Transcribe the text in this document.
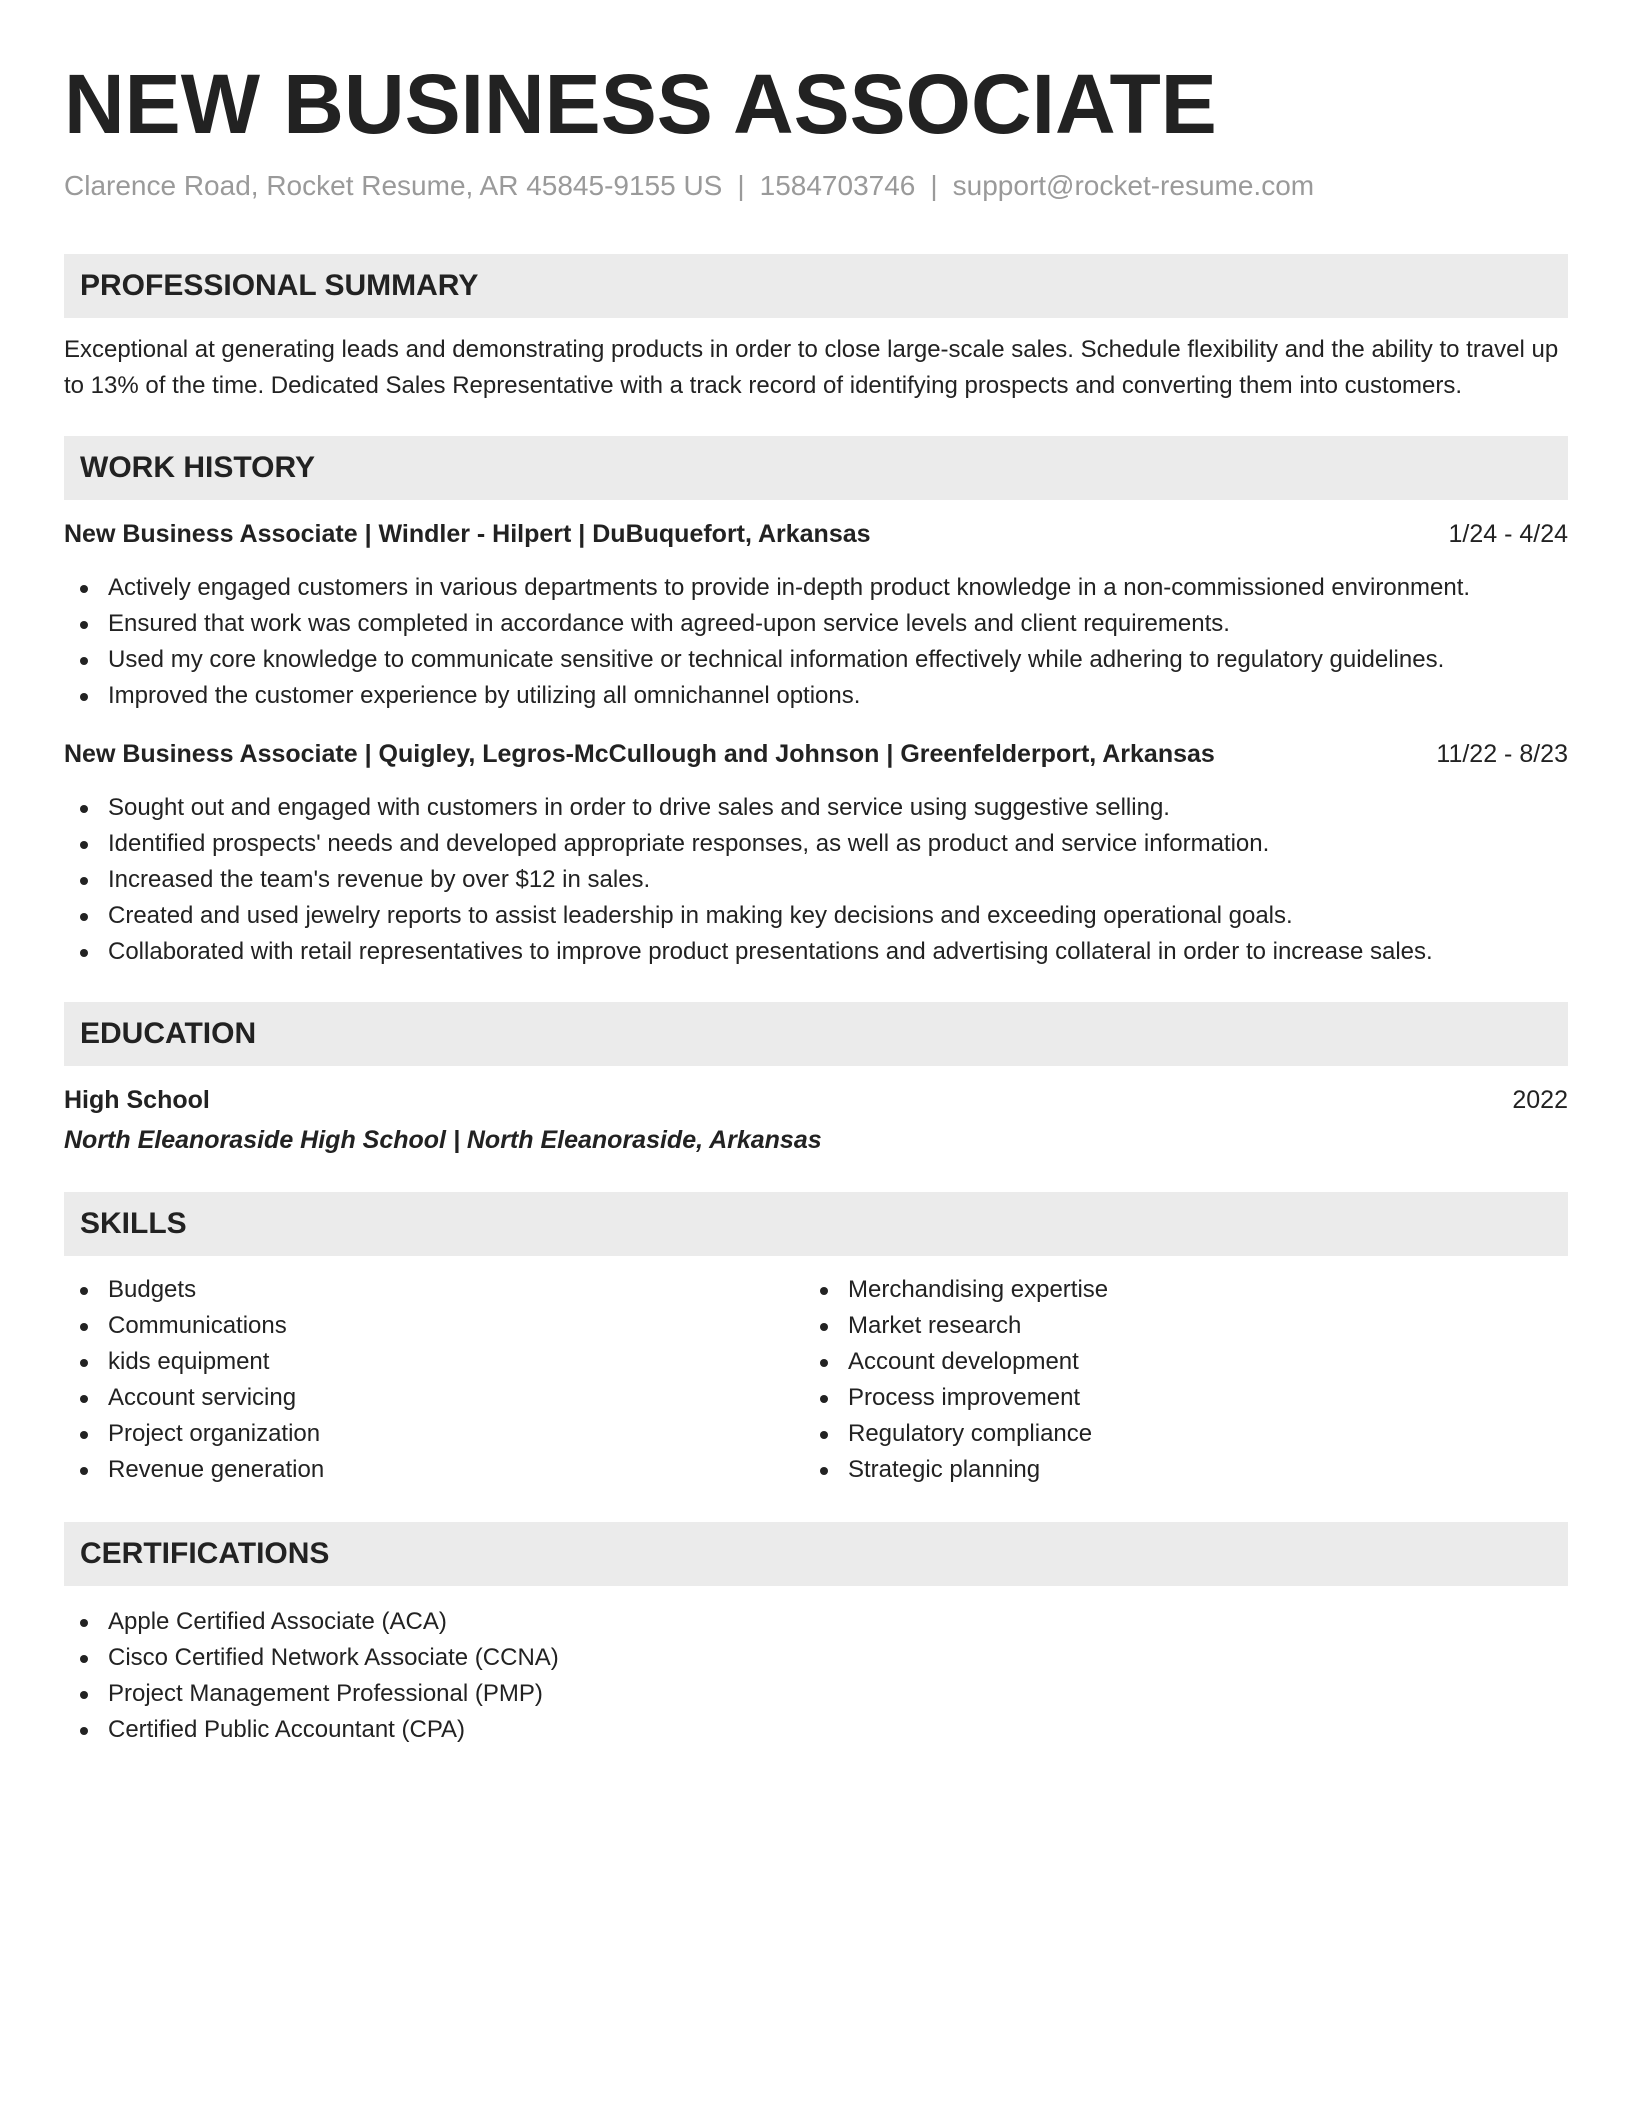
NEW BUSINESS ASSOCIATE
Clarence Road, Rocket Resume, AR 45845-9155 US | 1584703746 | support@rocket-resume.com
PROFESSIONAL SUMMARY
Exceptional at generating leads and demonstrating products in order to close large-scale sales. Schedule flexibility and the ability to travel up to 13% of the time. Dedicated Sales Representative with a track record of identifying prospects and converting them into customers.
WORK HISTORY
New Business Associate | Windler - Hilpert | DuBuquefort, Arkansas	1/24 - 4/24
Actively engaged customers in various departments to provide in-depth product knowledge in a non-commissioned environment.
Ensured that work was completed in accordance with agreed-upon service levels and client requirements.
Used my core knowledge to communicate sensitive or technical information effectively while adhering to regulatory guidelines.
Improved the customer experience by utilizing all omnichannel options.
New Business Associate | Quigley, Legros-McCullough and Johnson | Greenfelderport, Arkansas	11/22 - 8/23
Sought out and engaged with customers in order to drive sales and service using suggestive selling.
Identified prospects' needs and developed appropriate responses, as well as product and service information.
Increased the team's revenue by over $12 in sales.
Created and used jewelry reports to assist leadership in making key decisions and exceeding operational goals.
Collaborated with retail representatives to improve product presentations and advertising collateral in order to increase sales.
EDUCATION
High School	2022
North Eleanoraside High School | North Eleanoraside, Arkansas
SKILLS
Budgets
Communications
kids equipment
Account servicing
Project organization
Revenue generation
Merchandising expertise
Market research
Account development
Process improvement
Regulatory compliance
Strategic planning
CERTIFICATIONS
Apple Certified Associate (ACA)
Cisco Certified Network Associate (CCNA)
Project Management Professional (PMP)
Certified Public Accountant (CPA)
